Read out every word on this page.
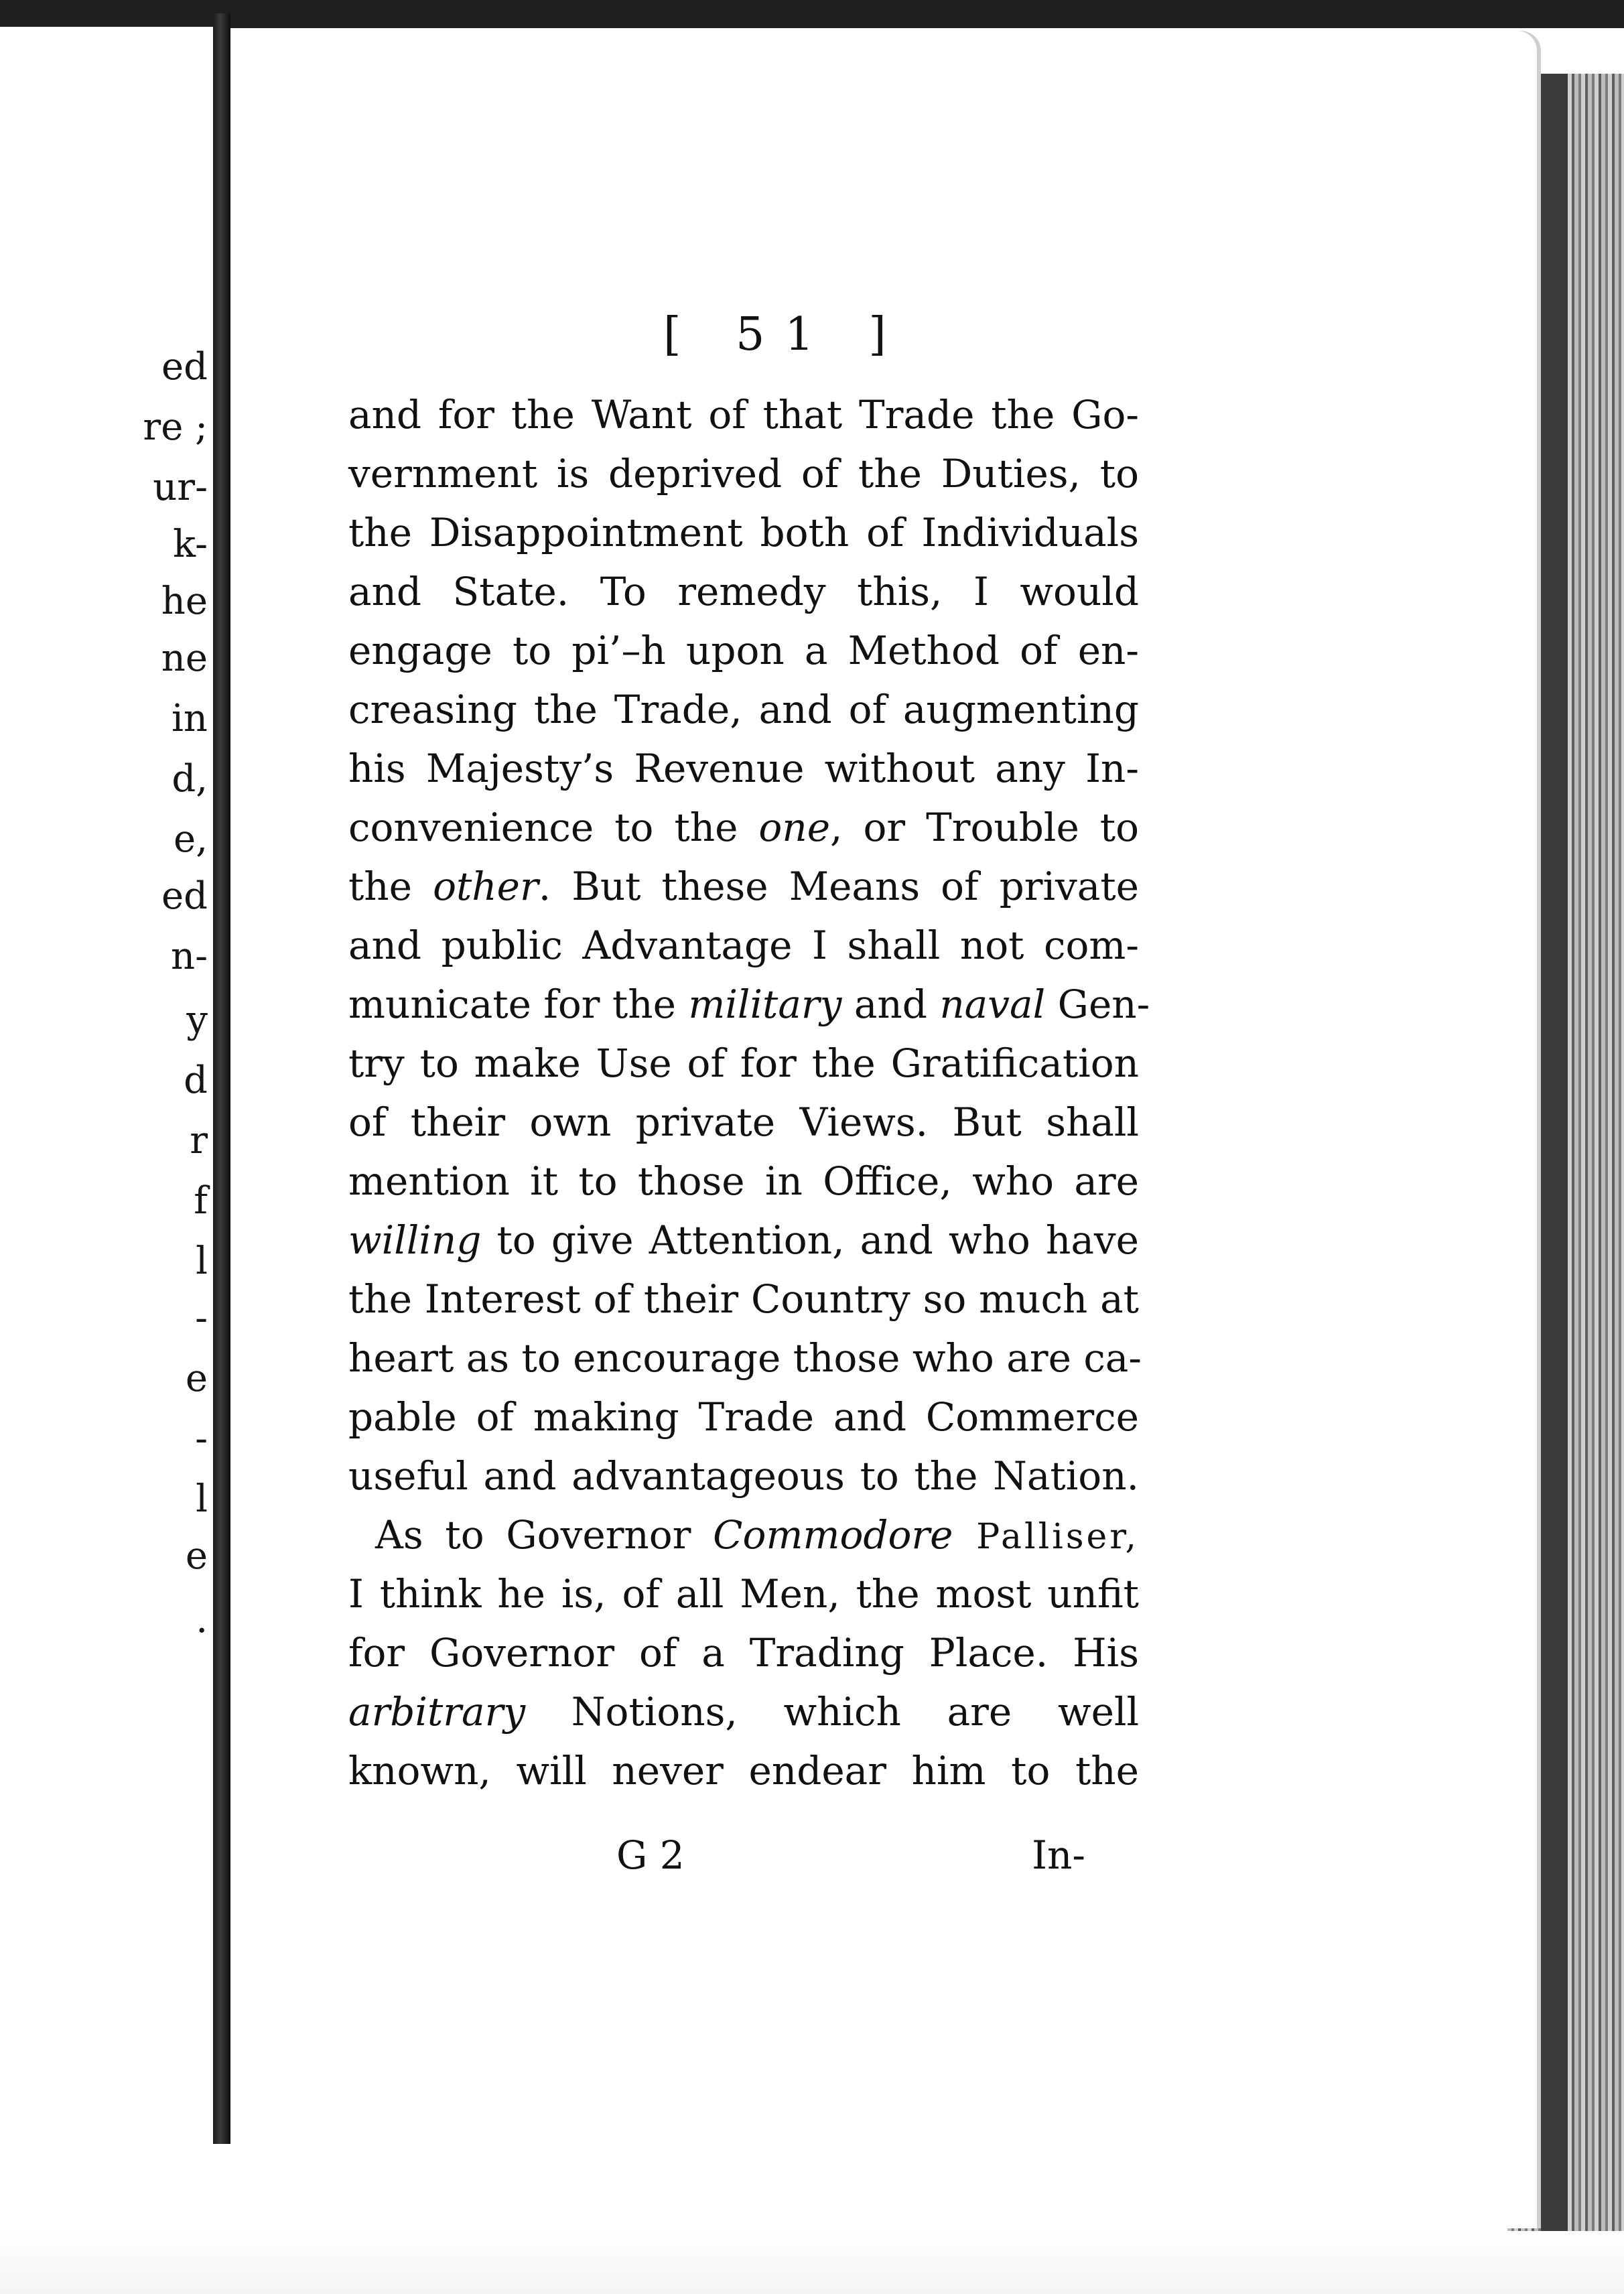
ed
re ;
ur-
k-
he
ne
in
d,
e,
ed
n-
y
d
r
f
l
-
e
-
l
e
.
[ 51 ]
and for the Want of that Trade the Go-
vernment is deprived of the Duties, to
the Disappointment both of Individuals
and State. To remedy this, I would
engage to pi’–h upon a Method of en-
creasing the Trade, and of augmenting
his Majesty’s Revenue without any In-
convenience to the one, or Trouble to
the other. But these Means of private
and public Advantage I shall not com-
municate for the military and naval Gen-
try to make Use of for the Gratification
of their own private Views. But shall
mention it to those in Office, who are
willing to give Attention, and who have
the Interest of their Country so much at
heart as to encourage those who are ca-
pable of making Trade and Commerce
useful and advantageous to the Nation.
As to Governor Commodore Palliser,
I think he is, of all Men, the most unfit
for Governor of a Trading Place. His
arbitrary Notions, which are well
known, will never endear him to the
G 2	In-
